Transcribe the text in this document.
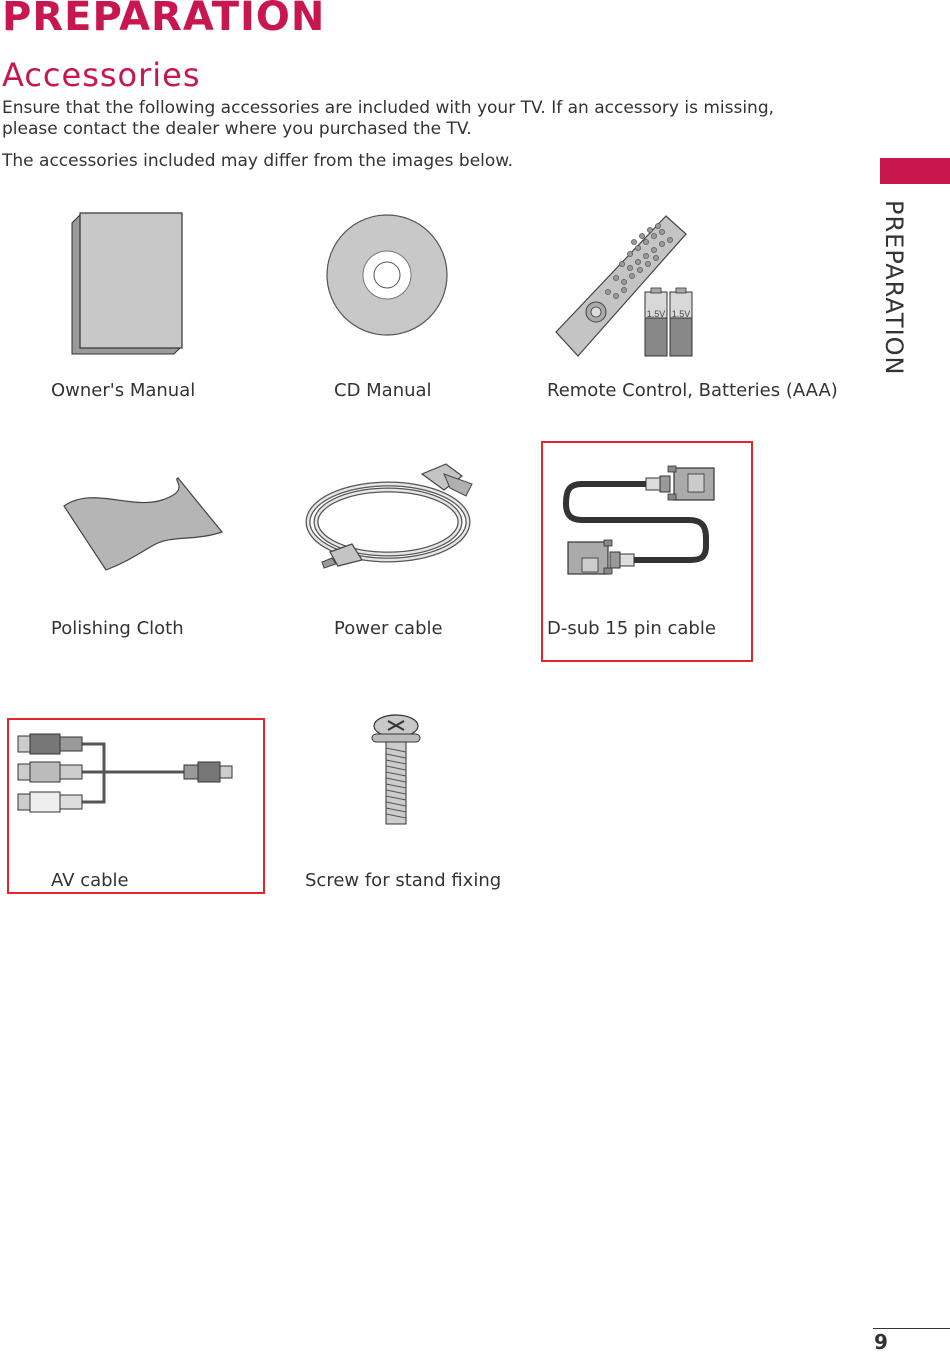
PREPARATION
Accessories

Ensure that the following accessories are included with your TV. If an accessory is missing, please contact the dealer where you purchased the TV.

The accessories included may differ from the images below.

PREPARATION
1.5V 1.5V
Owner's Manual	CD Manual	Remote Control, Batteries (AAA)
Polishing Cloth	Power cable	D-sub 15 pin cable
AV cable	Screw for stand fixing
9
